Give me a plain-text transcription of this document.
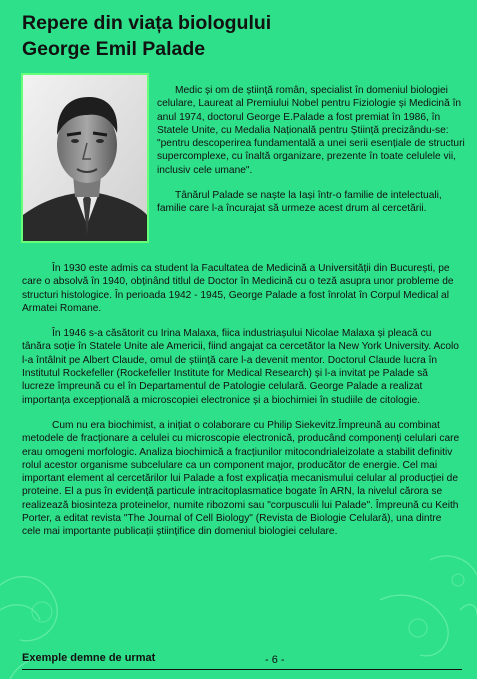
Repere din viața biologului
George Emil Palade

Medic și om de știință român, specialist în domeniul biologiei celulare, Laureat al Premiului Nobel pentru Fiziologie și Medicină în anul 1974, doctorul George E.Palade a fost premiat în 1986, în Statele Unite, cu Medalia Națională pentru Știință precizându-se: "pentru descoperirea fundamentală a unei serii esențiale de structuri supercomplexe, cu înaltă organizare, prezente în toate celulele vii, inclusiv cele umane".

Tânărul Palade se naște la Iași într-o familie de intelectuali, familie care l-a încurajat să urmeze acest drum al cercetării.

În 1930 este admis ca student la Facultatea de Medicină a Universității din București, pe care o absolvă în 1940, obținând titlul de Doctor în Medicină cu o teză asupra unor probleme de structuri histologice. În perioada 1942 - 1945, George Palade a fost înrolat în Corpul Medical al Armatei Romane.

În 1946 s-a căsătorit cu Irina Malaxa, fiica industriașului Nicolae Malaxa și pleacă cu tânăra soție în Statele Unite ale Americii, fiind angajat ca cercetător la New York University. Acolo l-a întâlnit pe Albert Claude, omul de știință care l-a devenit mentor. Doctorul Claude lucra în Institutul Rockefeller (Rockefeller Institute for Medical Research) și l-a invitat pe Palade să lucreze împreună cu el în Departamentul de Patologie celulară. George Palade a realizat importanța excepțională a microscopiei electronice și a biochimiei în studiile de citologie.

Cum nu era biochimist, a inițiat o colaborare cu Philip Siekevitz.Împreună au combinat metodele de fracționare a celulei cu microscopie electronică, producând componenți celulari care erau omogeni morfologic. Analiza biochimică a fracțiunilor mitocondrialeizolate a stabilit definitiv rolul acestor organisme subcelulare ca un component major, producător de energie. Cel mai important element al cercetărilor lui Palade a fost explicația mecanismului celular al producției de proteine. El a pus în evidență particule intracitoplasmatice bogate în ARN, la nivelul cărora se realizează biosinteza proteinelor, numite ribozomi sau "corpusculii lui Palade". Împreună cu Keith Porter, a editat revista "The Journal of Cell Biology" (Revista de Biologie Celulară), una dintre cele mai importante publicații științifice din domeniul biologiei celulare.

Exemple demne de urmat	- 6 -
